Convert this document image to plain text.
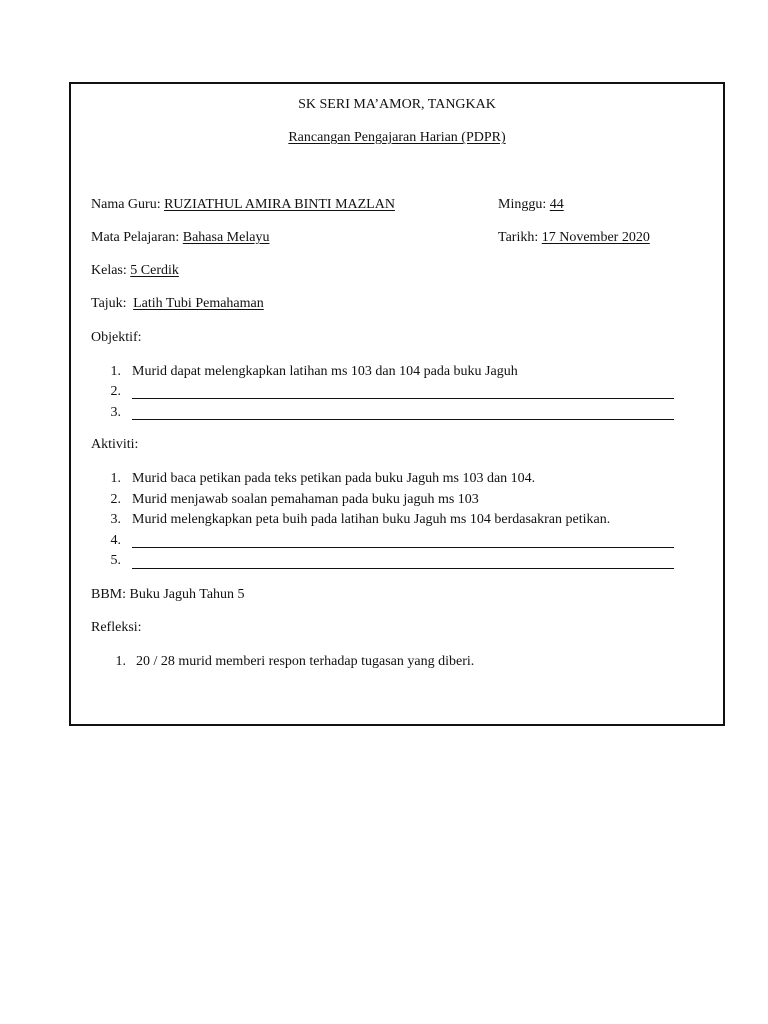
SK SERI MA’AMOR, TANGKAK
Rancangan Pengajaran Harian (PDPR)
Nama Guru: RUZIATHUL AMIRA BINTI MAZLAN	Minggu: 44
Mata Pelajaran: Bahasa Melayu	Tarikh: 17 November 2020
Kelas: 5 Cerdik
Tajuk: Latih Tubi Pemahaman
Objektif:
1. Murid dapat melengkapkan latihan ms 103 dan 104 pada buku Jaguh
2.
3.
Aktiviti:
1. Murid baca petikan pada teks petikan pada buku Jaguh ms 103 dan 104.
2. Murid menjawab soalan pemahaman pada buku jaguh ms 103
3. Murid melengkapkan peta buih pada latihan buku Jaguh ms 104 berdasakran petikan.
4.
5.
BBM: Buku Jaguh Tahun 5
Refleksi:
1. 20 / 28 murid memberi respon terhadap tugasan yang diberi.
